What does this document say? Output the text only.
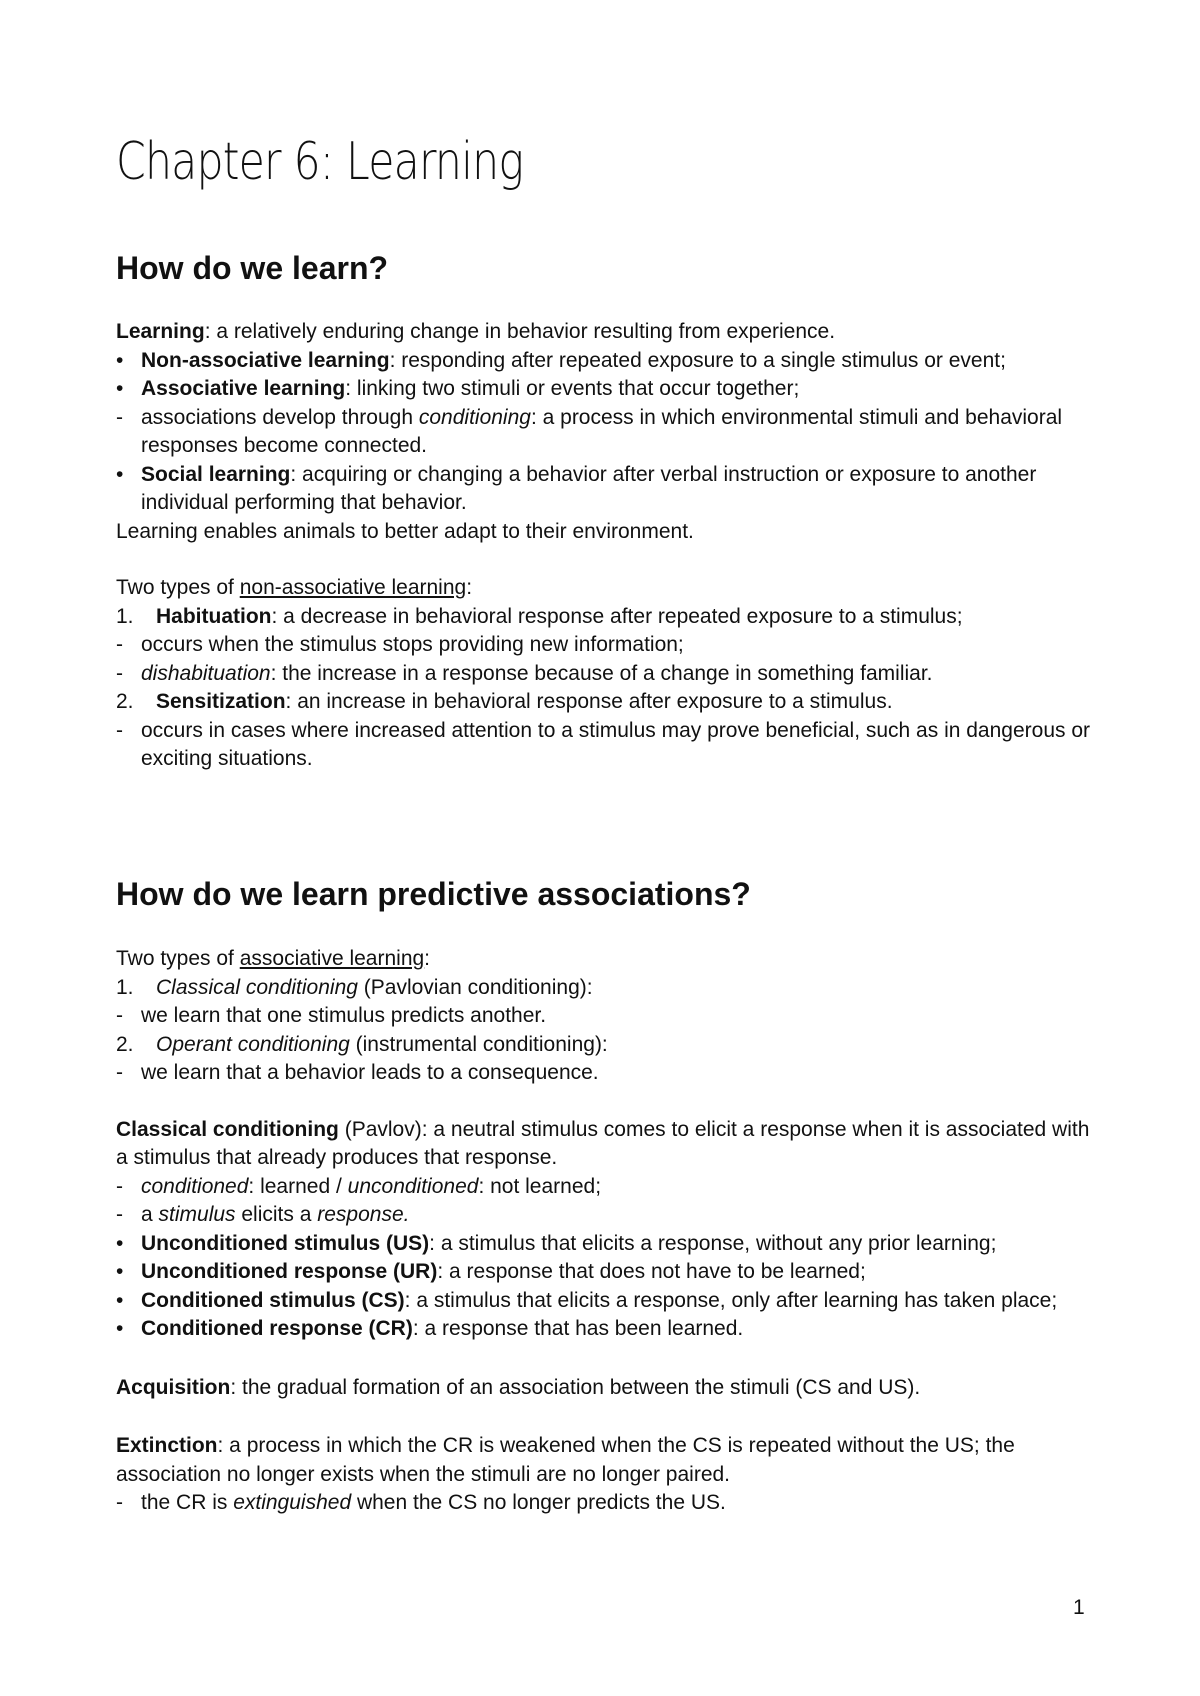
Chapter 6: Learning
How do we learn?

Learning: a relatively enduring change in behavior resulting from experience.

• Non-associative learning: responding after repeated exposure to a single stimulus or event;
• Associative learning: linking two stimuli or events that occur together;
- associations develop through conditioning: a process in which environmental stimuli and behavioral responses become connected.
• Social learning: acquiring or changing a behavior after verbal instruction or exposure to another individual performing that behavior.

Learning enables animals to better adapt to their environment.

Two types of non-associative learning:

1. Habituation: a decrease in behavioral response after repeated exposure to a stimulus;
- occurs when the stimulus stops providing new information;
- dishabituation: the increase in a response because of a change in something familiar.
2. Sensitization: an increase in behavioral response after exposure to a stimulus.
- occurs in cases where increased attention to a stimulus may prove beneficial, such as in dangerous or exciting situations.
How do we learn predictive associations?

Two types of associative learning:

1. Classical conditioning (Pavlovian conditioning):
- we learn that one stimulus predicts another.
2. Operant conditioning (instrumental conditioning):
- we learn that a behavior leads to a consequence.

Classical conditioning (Pavlov): a neutral stimulus comes to elicit a response when it is associated with a stimulus that already produces that response.

- conditioned: learned / unconditioned: not learned;
- a stimulus elicits a response.
• Unconditioned stimulus (US): a stimulus that elicits a response, without any prior learning;
• Unconditioned response (UR): a response that does not have to be learned;
• Conditioned stimulus (CS): a stimulus that elicits a response, only after learning has taken place;
• Conditioned response (CR): a response that has been learned.

Acquisition: the gradual formation of an association between the stimuli (CS and US).

Extinction: a process in which the CR is weakened when the CS is repeated without the US; the association no longer exists when the stimuli are no longer paired.

- the CR is extinguished when the CS no longer predicts the US.
1
